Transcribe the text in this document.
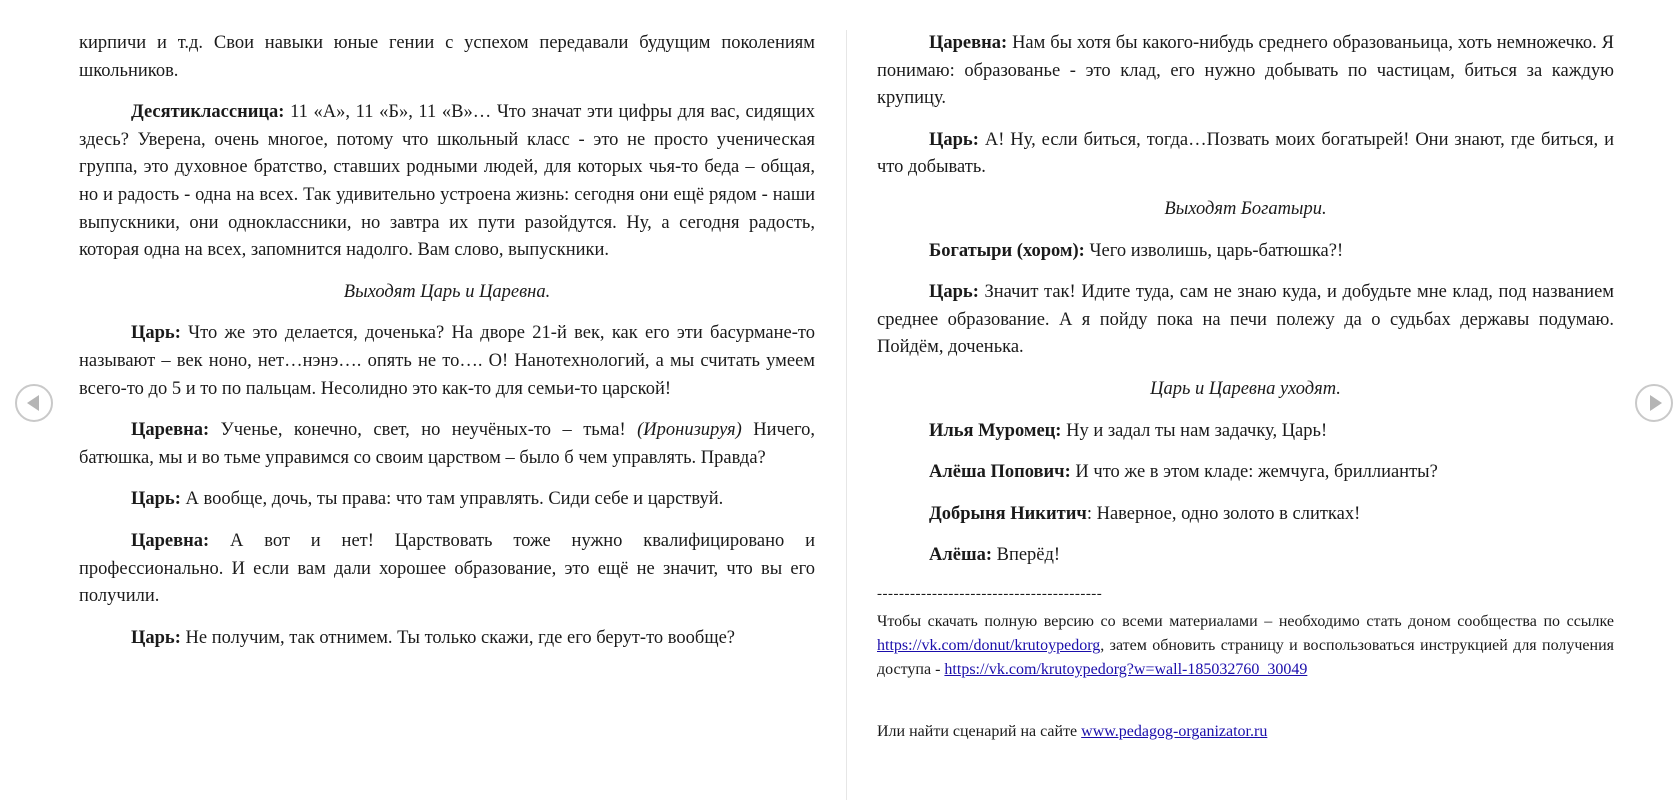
кирпичи и т.д. Свои навыки юные гении с успехом передавали будущим поколениям школьников.

Десятиклассница: 11 «А», 11 «Б», 11 «В»… Что значат эти цифры для вас, сидящих здесь? Уверена, очень многое, потому что школьный класс - это не просто ученическая группа, это духовное братство, ставших родными людей, для которых чья-то беда – общая, но и радость - одна на всех. Так удивительно устроена жизнь: сегодня они ещё рядом - наши выпускники, они одноклассники, но завтра их пути разойдутся. Ну, а сегодня радость, которая одна на всех, запомнится надолго. Вам слово, выпускники.

Выходят Царь и Царевна.

Царь: Что же это делается, доченька? На дворе 21-й век, как его эти басурмане-то называют – век ноно, нет…нэнэ…. опять не то…. О! Нанотехнологий, а мы считать умеем всего-то до 5 и то по пальцам. Несолидно это как-то для семьи-то царской!

Царевна: Ученье, конечно, свет, но неучёных-то – тьма! (Иронизируя) Ничего, батюшка, мы и во тьме управимся со своим царством – было б чем управлять. Правда?

Царь: А вообще, дочь, ты права: что там управлять. Сиди себе и царствуй.

Царевна: А вот и нет! Царствовать тоже нужно квалифицировано и профессионально. И если вам дали хорошее образование, это ещё не значит, что вы его получили.

Царь: Не получим, так отнимем. Ты только скажи, где его берут-то вообще?

Царевна: Нам бы хотя бы какого-нибудь среднего образованьица, хоть немножечко. Я понимаю: образованье - это клад, его нужно добывать по частицам, биться за каждую крупицу.

Царь: А! Ну, если биться, тогда…Позвать моих богатырей! Они знают, где биться, и что добывать.

Выходят Богатыри.

Богатыри (хором): Чего изволишь, царь-батюшка?!

Царь: Значит так! Идите туда, сам не знаю куда, и добудьте мне клад, под названием среднее образование. А я пойду пока на печи полежу да о судьбах державы подумаю. Пойдём, доченька.

Царь и Царевна уходят.

Илья Муромец: Ну и задал ты нам задачку, Царь!

Алёша Попович: И что же в этом кладе: жемчуга, бриллианты?

Добрыня Никитич: Наверное, одно золото в слитках!

Алёша: Вперёд!

-----------------------------------------

Чтобы скачать полную версию со всеми материалами – необходимо стать доном сообщества по ссылке https://vk.com/donut/krutoypedorg, затем обновить страницу и воспользоваться инструкцией для получения доступа - https://vk.com/krutoypedorg?w=wall-185032760_30049

Или найти сценарий на сайте www.pedagog-organizator.ru
